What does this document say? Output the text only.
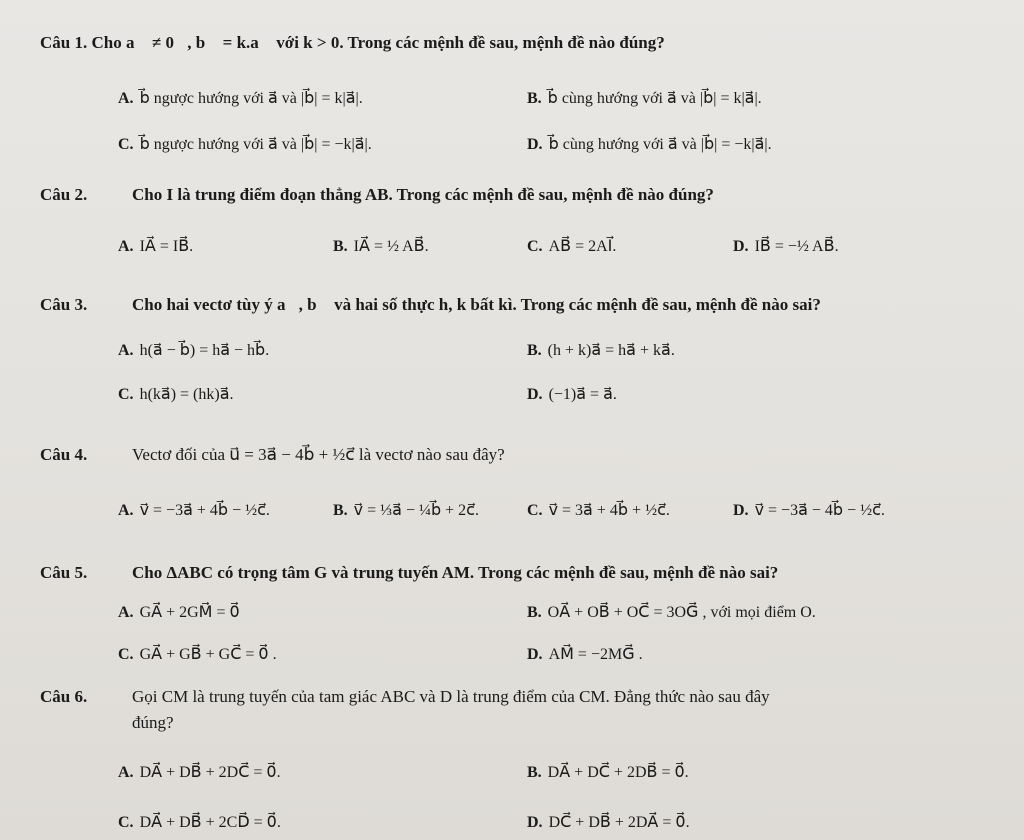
Câu 1. Cho a⃗ ≠ 0⃗, b⃗ = k.a⃗ với k > 0. Trong các mệnh đề sau, mệnh đề nào đúng?
A. b⃗ ngược hướng với a⃗ và |b⃗| = k|a⃗|.	B. b⃗ cùng hướng với a⃗ và |b⃗| = k|a⃗|.
C. b⃗ ngược hướng với a⃗ và |b⃗| = −k|a⃗|.	D. b⃗ cùng hướng với a⃗ và |b⃗| = −k|a⃗|.
Câu 2.	Cho I là trung điểm đoạn thẳng AB. Trong các mệnh đề sau, mệnh đề nào đúng?
A. IA⃗ = IB⃗.	B. IA⃗ = ½ AB⃗.	C. AB⃗ = 2AI⃗.	D. IB⃗ = −½ AB⃗.
Câu 3.	Cho hai vectơ tùy ý a⃗, b⃗ và hai số thực h, k bất kì. Trong các mệnh đề sau, mệnh đề nào sai?
A. h(a⃗ − b⃗) = ha⃗ − hb⃗.	B. (h + k)a⃗ = ha⃗ + ka⃗.
C. h(ka⃗) = (hk)a⃗.	D. (−1)a⃗ = a⃗.
Câu 4.	Vectơ đối của u⃗ = 3a⃗ − 4b⃗ + ½c⃗ là vectơ nào sau đây?
A. v⃗ = −3a⃗ + 4b⃗ − ½c⃗.	B. v⃗ = ⅓a⃗ − ¼b⃗ + 2c⃗.	C. v⃗ = 3a⃗ + 4b⃗ + ½c⃗.	D. v⃗ = −3a⃗ − 4b⃗ − ½c⃗.
Câu 5.	Cho ΔABC có trọng tâm G và trung tuyến AM. Trong các mệnh đề sau, mệnh đề nào sai?
A. GA⃗ + 2GM⃗ = 0⃗	B. OA⃗ + OB⃗ + OC⃗ = 3OG⃗ , với mọi điểm O.
C. GA⃗ + GB⃗ + GC⃗ = 0⃗ .	D. AM⃗ = −2MG⃗ .
Câu 6.	Gọi CM là trung tuyến của tam giác ABC và D là trung điểm của CM. Đẳng thức nào sau đây
đúng?
A. DA⃗ + DB⃗ + 2DC⃗ = 0⃗.	B. DA⃗ + DC⃗ + 2DB⃗ = 0⃗.
C. DA⃗ + DB⃗ + 2CD⃗ = 0⃗.	D. DC⃗ + DB⃗ + 2DA⃗ = 0⃗.
